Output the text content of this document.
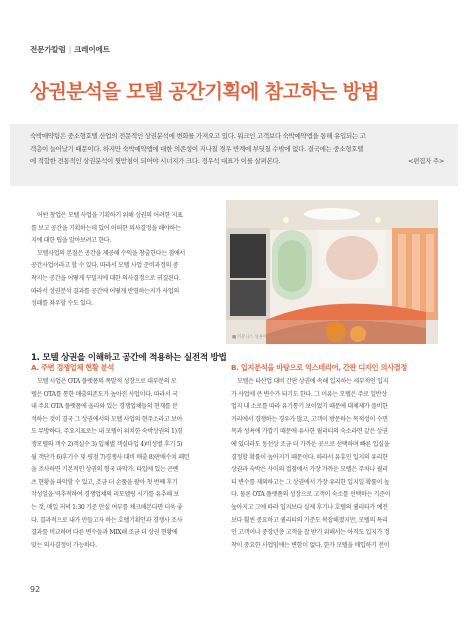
전문가칼럼 | 크레이에트
상권분석을 모텔 공간기획에 참고하는 방법
숙박매약팀은 중소형호텔 산업의 전문적인 상권분석에 변화를 가져오고 있다. 워크인 고객보다 숙박예약앱을 통해 유입되는 고
객층이 늘어났기 때문이다. 하지만 숙박예약앱에 대한 의존성이 지나칠 경우 반계에 부딪칠 수밖에 없다. 결국에는 중소형호텔
에 적합한 전통적인 상권분석이 뒷받침이 되어야 시너지가 크다. 정우석 대표가 이를 살펴본다.	<편집자 주>
어떤 창업은 모텔 사업을 기획하기 위해 상권의 어려한 지표
를 보고 공간을 기획하는데 있어 어떠한 의사결정을 해야하는
지에 대한 팁을 알아보려고 한다.
모텔사업의 본질은 공간을 제공해 수익을 창출한다는 점에서
공간사업이라고 할 수 있다. 따라서 모텔 사업 준비과정의 중
착지는 공간을 어떻게 꾸밀지에 대한 의사결정으로 귀결된다.
따라서 상권분석 결과를 공간에 어떻게 반영하는지가 사업의
성패를 좌우할 수도 있다.
■ 커뮤니스 상권에 있는 모텔 로비의 공간으로 모델 커플 사례
1. 모텔 상권을 이해하고 공간에 적용하는 실전적 방법
A. 주변 경쟁업체 현황 분석	B. 입지분석을 바탕으로 익스테리어, 간판 디자인 의사결정
모텔 사업은 OTA 플랫폼의 폭발적 성장으로 대부분의 모
텔은 OTA를 통한 매출의존도가 높아진 사업이다. 따라서 국
내 주요 OTA 플랫폼에 올라와 있는 경쟁업체들의 현재를 분
석하는 것이 결국 그 상권에서의 모텔 사업의 현주소라고 보아
도 무방하다. 주요지표로는 내 모텔이 위치한 숙박상권의 1)경
쟁모텔의 객수 2)객실수 3) 입체별 객실타입 4)비성별 후기 5)
월 객단가 6)후기수 및 평점 7)경쟁사 대비 매출 8)판매수치 패턴
을 조사하면 기본적인 상권의 형국 파악가. 타입에 있는 곤벤
츠 현황을 파악할 수 있고, 조금 더 손품을 팔아 첫 번째 후기
작성일을 역추적하여 경쟁업체의 리모델링 시기를 유추해 보
는 것, 매일 저녁 1:30 기준 만실 여부를 체크해본다면 더욱 좋
다. 결과적으로 내가 만들고자 하는 호텔기획안과 경쟁사 조사
결과를 비교하며 다른 변수들과 MIX해 조금 더 상권 현황에
맞는 의사결정이 가능하다.
모텔은 타산업 대비 간판 상권에 속해 입지하는 세부적인 입지
가 사업에 큰 변수가 되기도 한다. 그 이유는 모텔은 주로 일반상
업지 내 소로를 따라 유기통기 보이었기 때문에 대체제가 즐비한
거리에서 경쟁하는 경우가 많고, 고객이 방문하는 목적성이 수면
목과 성욕에 가깝기 때문에 유사한 퀄리티의 숙소라면 같은 상권
에 있더라도 동선상 조금 더 가까운 곳으로 선택하며 빠른 입실을
결정할 확률이 높아지기 때문이다. 따라서 유휴인 입지의 유리한
상권과 숙박은 사이의 접점에서 가장 가까운 모텔은 주차나 퀄리
티 변수를 제외하고는 그 상권에서 가장 유리한 입지일 확률이 높
다. 물론 OTA 플랫폼의 성장으로 고객이 숙소를 선택하는 기준이
높아지고 그에 따라 입지보다 실제 후기나 호텔의 퀄리티가 예전
보다 훨씬 중요하고 퀄리티의 기준도 복잡해졌지만, 모텔의 특리
인 고객이나 중장년층 고객을 잡 받기 위해서는 아직도 입지가 정
착이 중요한 사업임에는 변함이 없다. 한가 모텔을 매입하기 전이
92
